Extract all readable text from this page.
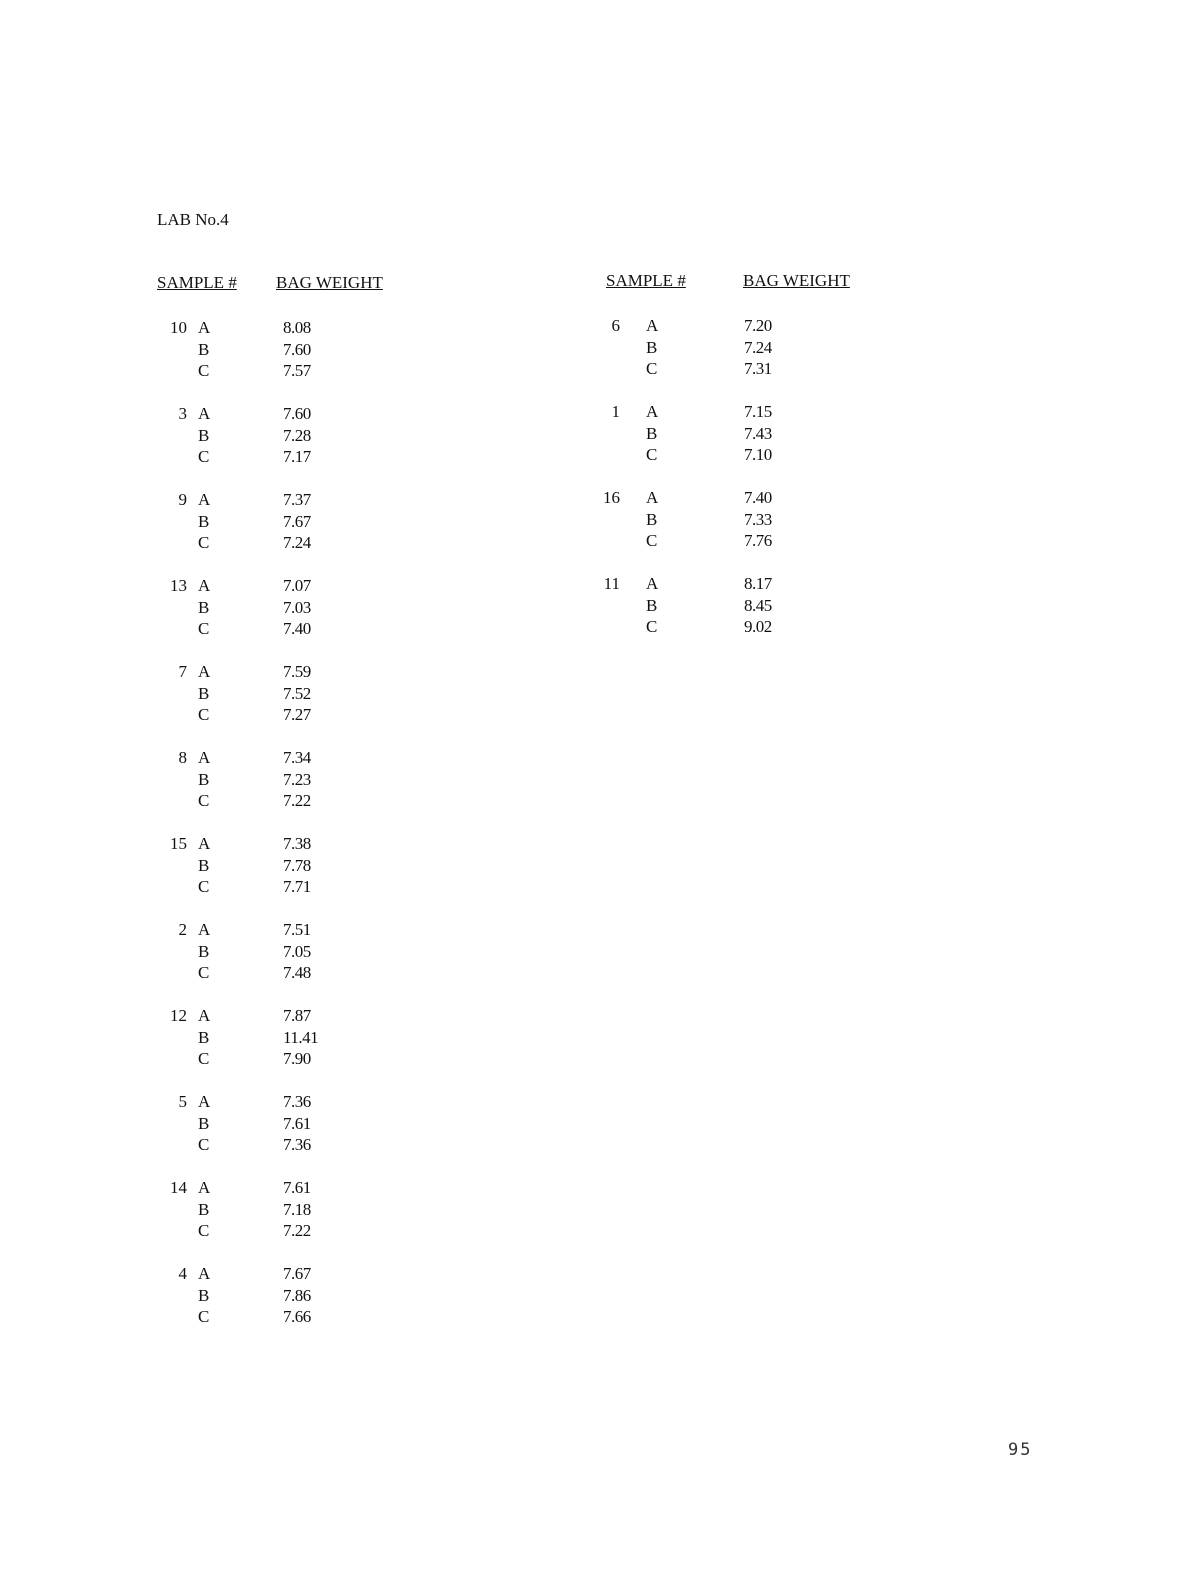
LAB No.4
SAMPLE # BAG WEIGHT
10 A	8.08
B	7.60
C	7.57
3 A	7.60
B	7.28
C	7.17
9 A	7.37
B	7.67
C	7.24
13 A	7.07
B	7.03
C	7.40
7 A	7.59
B	7.52
C	7.27
8 A	7.34
B	7.23
C	7.22
15 A	7.38
B	7.78
C	7.71
2 A	7.51
B	7.05
C	7.48
12 A	7.87
B	11.41
C	7.90
5 A	7.36
B	7.61
C	7.36
14 A	7.61
B	7.18
C	7.22
4 A	7.67
B	7.86
C	7.66
SAMPLE #	BAG WEIGHT
6 A	7.20
B	7.24
C	7.31
1 A	7.15
B	7.43
C	7.10
16 A	7.40
B	7.33
C	7.76
11 A	8.17
B	8.45
C	9.02
95
